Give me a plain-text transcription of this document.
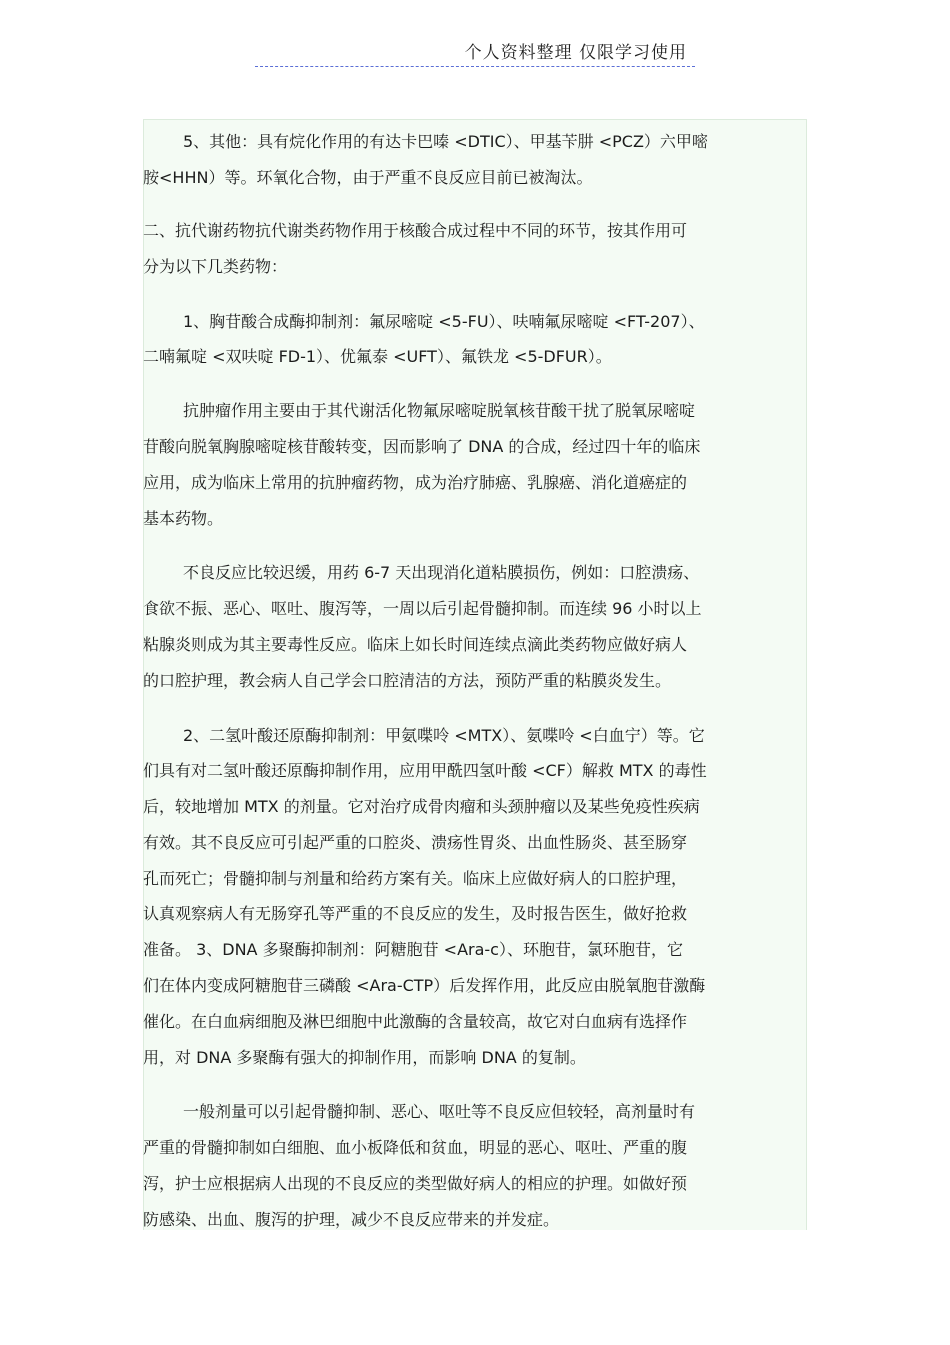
个人资料整理 仅限学习使用
5、其他：具有烷化作用的有达卡巴嗪 <DTIC）、甲基苄肼 <PCZ）六甲嘧
胺<HHN）等。环氧化合物，由于严重不良反应目前已被淘汰。
二、抗代谢药物抗代谢类药物作用于核酸合成过程中不同的环节，按其作用可
分为以下几类药物：
1、胸苷酸合成酶抑制剂：氟尿嘧啶 <5-FU）、呋喃氟尿嘧啶 <FT-207）、
二喃氟啶 <双呋啶 FD-1）、优氟泰 <UFT）、氟铁龙 <5-DFUR）。
抗肿瘤作用主要由于其代谢活化物氟尿嘧啶脱氧核苷酸干扰了脱氧尿嘧啶
苷酸向脱氧胸腺嘧啶核苷酸转变，因而影响了 DNA 的合成，经过四十年的临床
应用，成为临床上常用的抗肿瘤药物，成为治疗肺癌、乳腺癌、消化道癌症的
基本药物。
不良反应比较迟缓，用药 6-7 天出现消化道粘膜损伤，例如：口腔溃疡、
食欲不振、恶心、呕吐、腹泻等，一周以后引起骨髓抑制。而连续 96 小时以上
粘腺炎则成为其主要毒性反应。临床上如长时间连续点滴此类药物应做好病人
的口腔护理，教会病人自己学会口腔清洁的方法，预防严重的粘膜炎发生。
2、二氢叶酸还原酶抑制剂：甲氨喋呤 <MTX）、氨喋呤 <白血宁）等。它
们具有对二氢叶酸还原酶抑制作用，应用甲酰四氢叶酸 <CF）解救 MTX 的毒性
后，较地增加 MTX 的剂量。它对治疗成骨肉瘤和头颈肿瘤以及某些免疫性疾病
有效。其不良反应可引起严重的口腔炎、溃疡性胃炎、出血性肠炎、甚至肠穿
孔而死亡；骨髓抑制与剂量和给药方案有关。临床上应做好病人的口腔护理，
认真观察病人有无肠穿孔等严重的不良反应的发生，及时报告医生，做好抢救
准备。 3、DNA 多聚酶抑制剂：阿糖胞苷 <Ara-c）、环胞苷，氯环胞苷，它
们在体内变成阿糖胞苷三磷酸 <Ara-CTP）后发挥作用，此反应由脱氧胞苷激酶
催化。在白血病细胞及淋巴细胞中此激酶的含量较高，故它对白血病有选择作
用，对 DNA 多聚酶有强大的抑制作用，而影响 DNA 的复制。
一般剂量可以引起骨髓抑制、恶心、呕吐等不良反应但较轻，高剂量时有
严重的骨髓抑制如白细胞、血小板降低和贫血，明显的恶心、呕吐、严重的腹
泻，护士应根据病人出现的不良反应的类型做好病人的相应的护理。如做好预
防感染、出血、腹泻的护理，减少不良反应带来的并发症。
